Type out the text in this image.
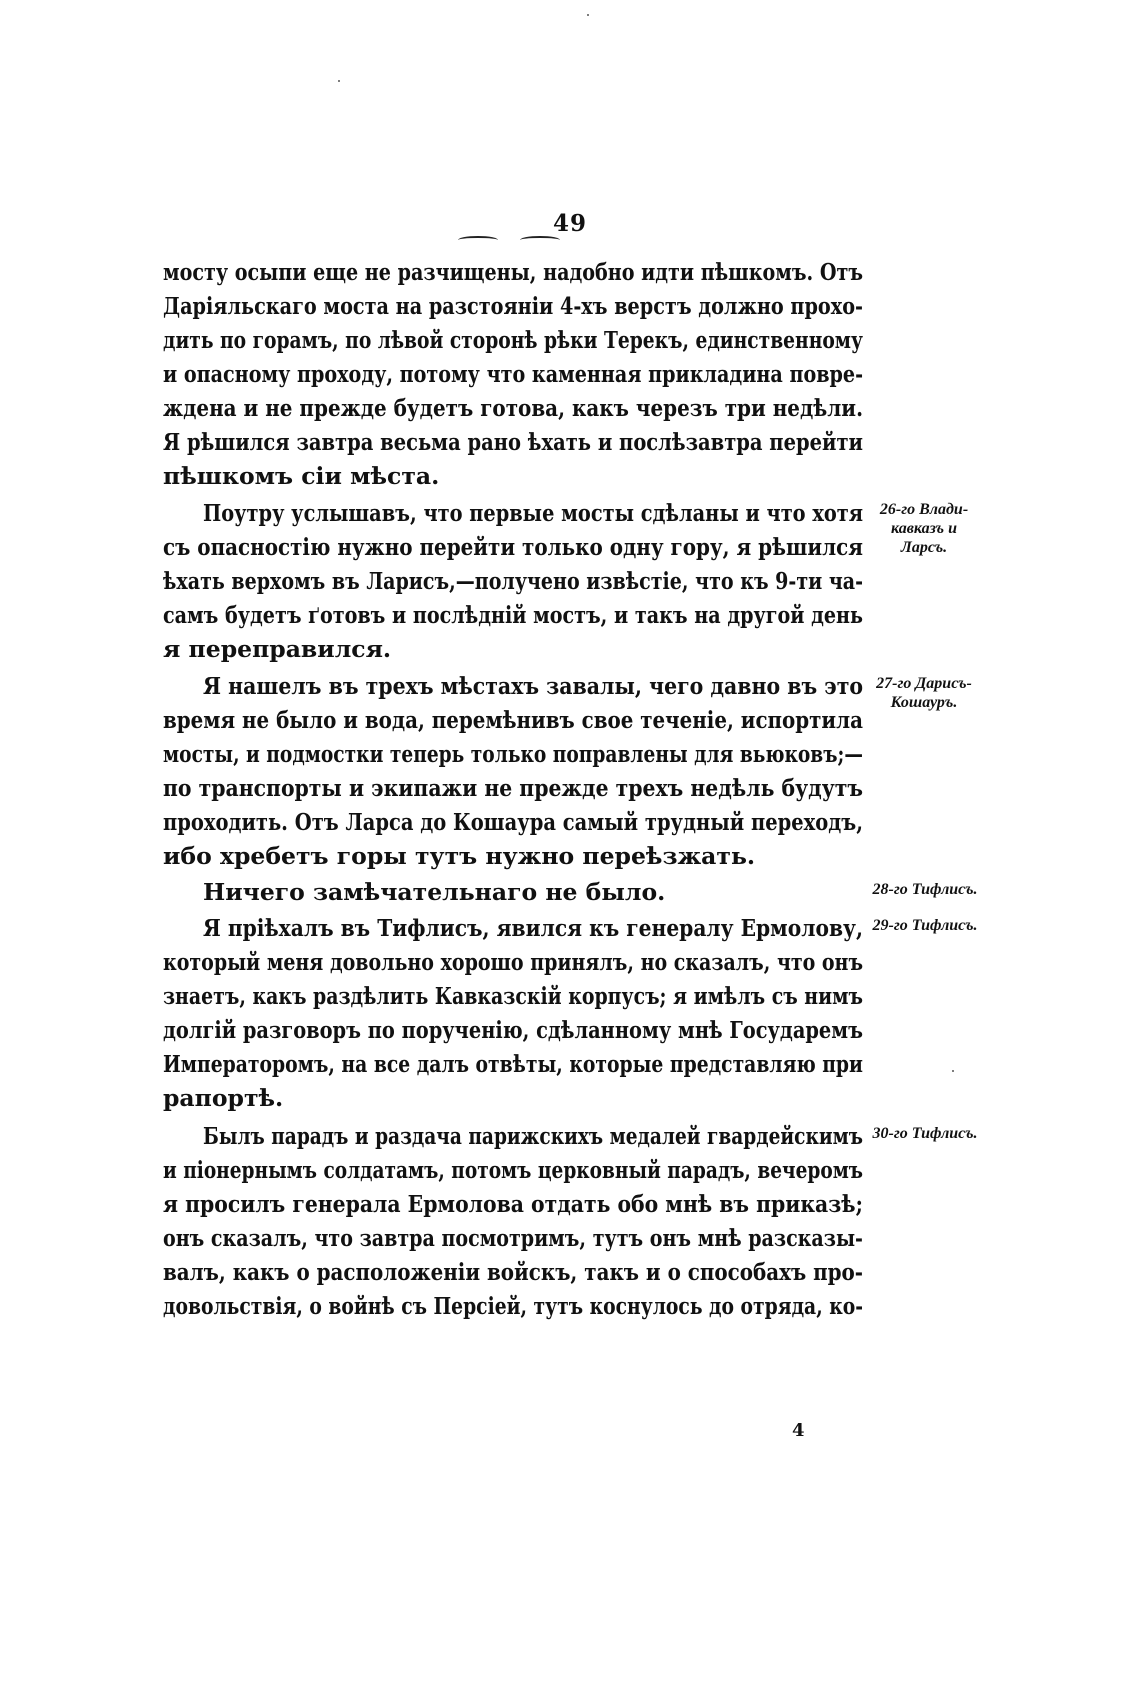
49
мосту осыпи еще не разчищены, надобно идти пѣшкомъ. Отъ
Даріяльскаго моста на разстояніи 4-хъ верстъ должно прохо-
дить по горамъ, по лѣвой сторонѣ рѣки Терекъ, единственному
и опасному проходу, потому что каменная прикладина повре-
ждена и не прежде будетъ готова, какъ черезъ три недѣли.
Я рѣшился завтра весьма рано ѣхать и послѣзавтра перейти
пѣшкомъ сіи мѣста.
Поутру услышавъ, что первые мосты сдѣланы и что хотя
съ опасностію нужно перейти только одну гору, я рѣшился
ѣхать верхомъ въ Ларисъ,—получено извѣстіе, что къ 9-ти ча-
самъ будетъ ґотовъ и послѣдній мостъ, и такъ на другой день
я переправился.
Я нашелъ въ трехъ мѣстахъ завалы, чего давно въ это
время не было и вода, перемѣнивъ свое теченіе, испортила
мосты, и подмостки теперь только поправлены для вьюковъ;—
по транспорты и экипажи не прежде трехъ недѣль будутъ
проходить. Отъ Ларса до Кошаура самый трудный переходъ,
ибо хребетъ горы тутъ нужно перeѣзжать.
Ничего замѣчательнаго не было.
Я пріѣхалъ въ Тифлисъ, явился къ генералу Ермолову,
который меня довольно хорошо принялъ, но сказалъ, что онъ
знаетъ, какъ раздѣлить Кавказскій корпусъ; я имѣлъ съ нимъ
долгій разговоръ по порученію, сдѣланному мнѣ Государемъ
Императоромъ, на все далъ отвѣты, которые представляю при
рапортѣ.
Былъ парадъ и раздача парижскихъ медалей гвардейскимъ
и піонернымъ солдатамъ, потомъ церковный парадъ, вечеромъ
я просилъ генерала Ермолова отдать обо мнѣ въ приказѣ;
онъ сказалъ, что завтра посмотримъ, тутъ онъ мнѣ разсказы-
валъ, какъ о расположеніи войскъ, такъ и о способахъ про-
довольствія, о войнѣ съ Персіей, тутъ коснулось до отряда, ко-
26-го Влади-
кавказъ и
Ларсъ.
27-го Дарисъ-
Кошауръ.
28-го Тифлисъ.
29-го Тифлисъ.
30-го Тифлисъ.
4
